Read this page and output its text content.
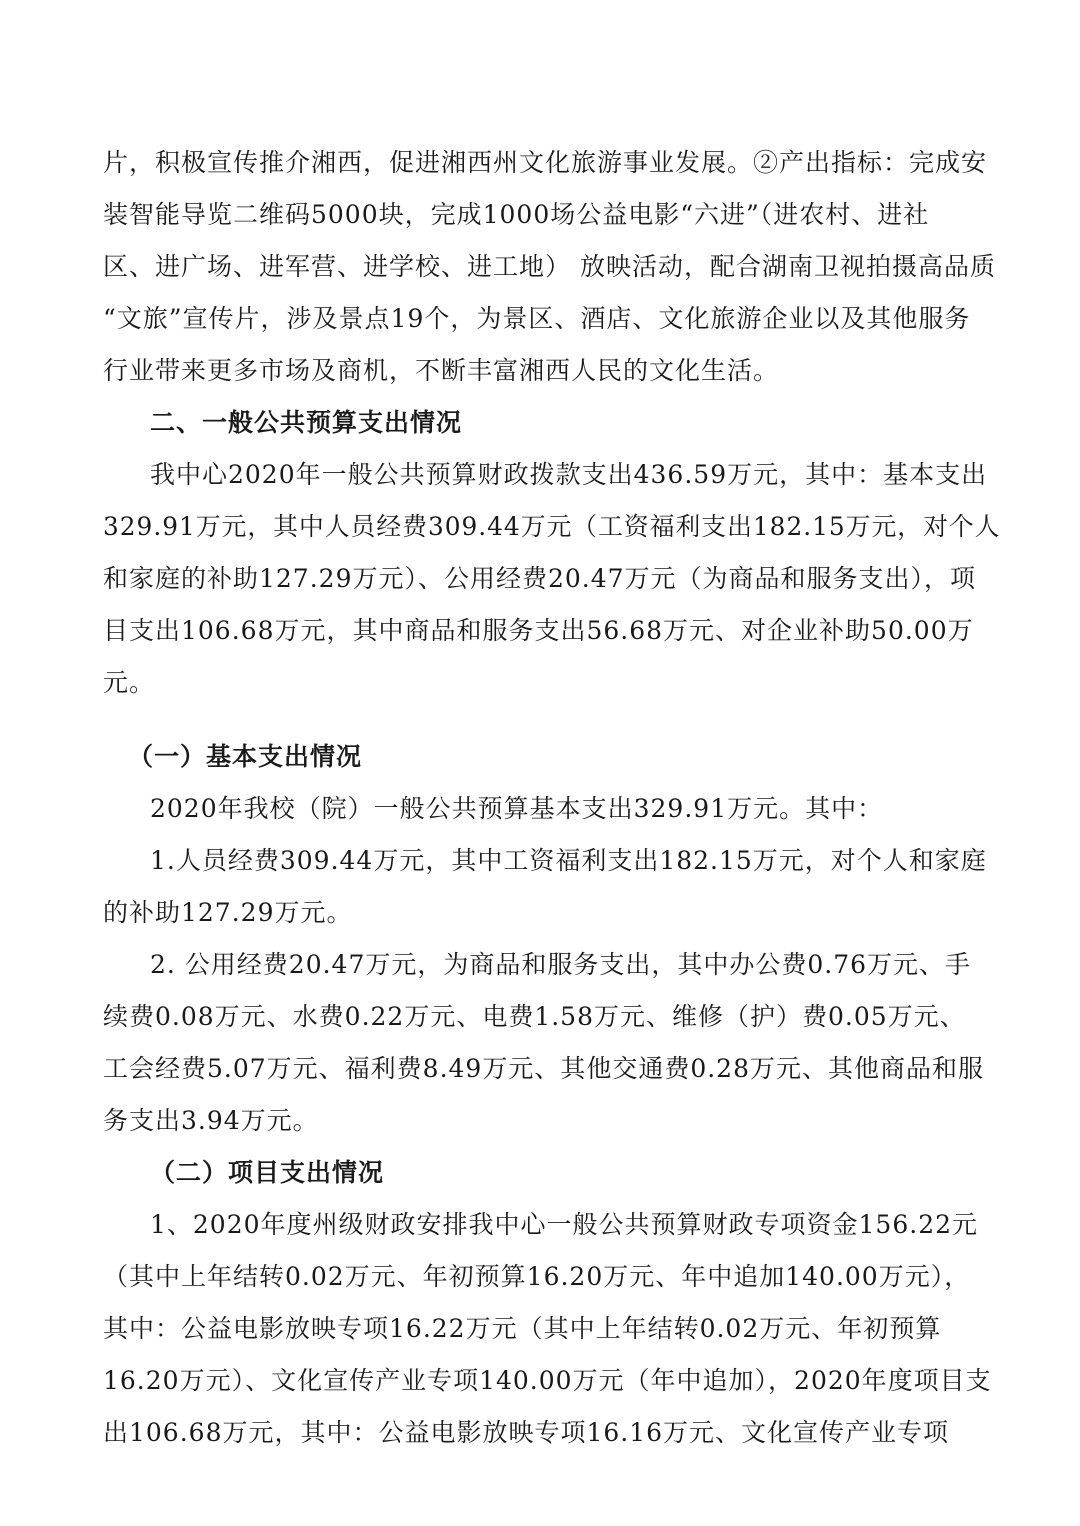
片，积极宣传推介湘西，促进湘西州文化旅游事业发展。②产出指标：完成安
装智能导览二维码5000块，完成1000场公益电影“六进”（进农村、进社
区、进广场、进军营、进学校、进工地） 放映活动，配合湖南卫视拍摄高品质
“文旅”宣传片，涉及景点19个，为景区、酒店、文化旅游企业以及其他服务
行业带来更多市场及商机，不断丰富湘西人民的文化生活。
二、一般公共预算支出情况
我中心2020年一般公共预算财政拨款支出436.59万元，其中：基本支出
329.91万元，其中人员经费309.44万元（工资福利支出182.15万元，对个人
和家庭的补助127.29万元）、公用经费20.47万元（为商品和服务支出），项
目支出106.68万元，其中商品和服务支出56.68万元、对企业补助50.00万
元。
（一）基本支出情况
2020年我校（院）一般公共预算基本支出329.91万元。其中：
1.人员经费309.44万元，其中工资福利支出182.15万元，对个人和家庭
的补助127.29万元。
2. 公用经费20.47万元，为商品和服务支出，其中办公费0.76万元、手
续费0.08万元、水费0.22万元、电费1.58万元、维修（护）费0.05万元、
工会经费5.07万元、福利费8.49万元、其他交通费0.28万元、其他商品和服
务支出3.94万元。
（二）项目支出情况
1、2020年度州级财政安排我中心一般公共预算财政专项资金156.22元
（其中上年结转0.02万元、年初预算16.20万元、年中追加140.00万元），
其中：公益电影放映专项16.22万元（其中上年结转0.02万元、年初预算
16.20万元）、文化宣传产业专项140.00万元（年中追加），2020年度项目支
出106.68万元，其中：公益电影放映专项16.16万元、文化宣传产业专项
